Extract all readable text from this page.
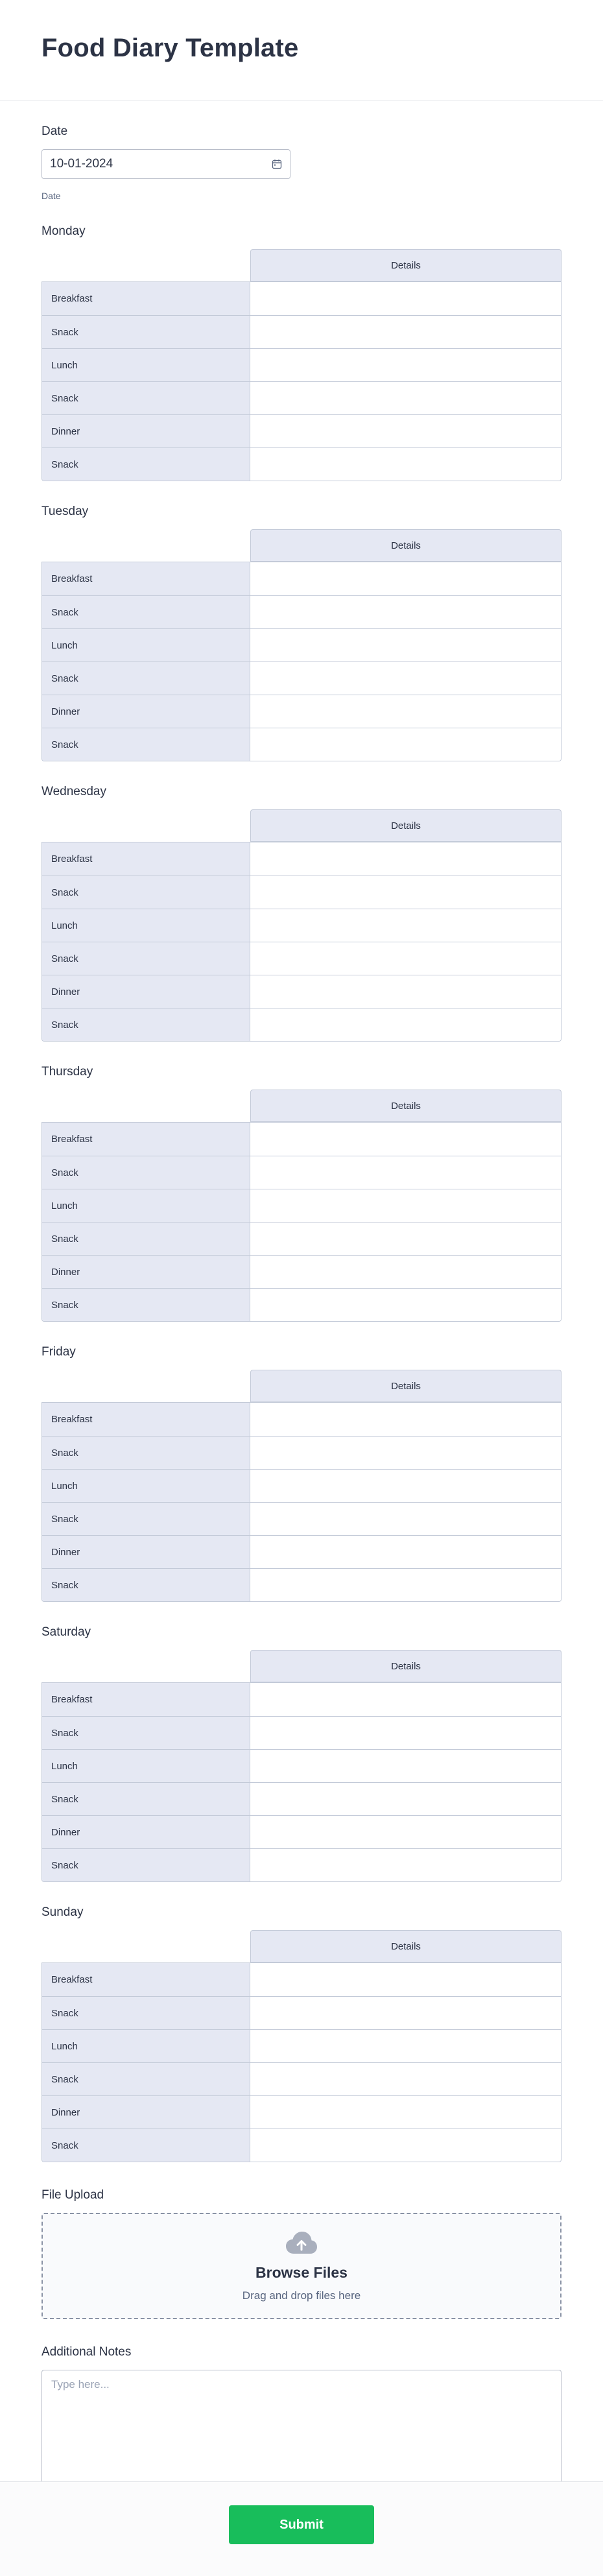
Food Diary Template
Date
10-01-2024
Date
Monday
Details
Breakfast
Snack
Lunch
Snack
Dinner
Snack
Tuesday
Details
Breakfast
Snack
Lunch
Snack
Dinner
Snack
Wednesday
Details
Breakfast
Snack
Lunch
Snack
Dinner
Snack
Thursday
Details
Breakfast
Snack
Lunch
Snack
Dinner
Snack
Friday
Details
Breakfast
Snack
Lunch
Snack
Dinner
Snack
Saturday
Details
Breakfast
Snack
Lunch
Snack
Dinner
Snack
Sunday
Details
Breakfast
Snack
Lunch
Snack
Dinner
Snack
File Upload
Browse Files
Drag and drop files here
Additional Notes
Type here...
Submit
